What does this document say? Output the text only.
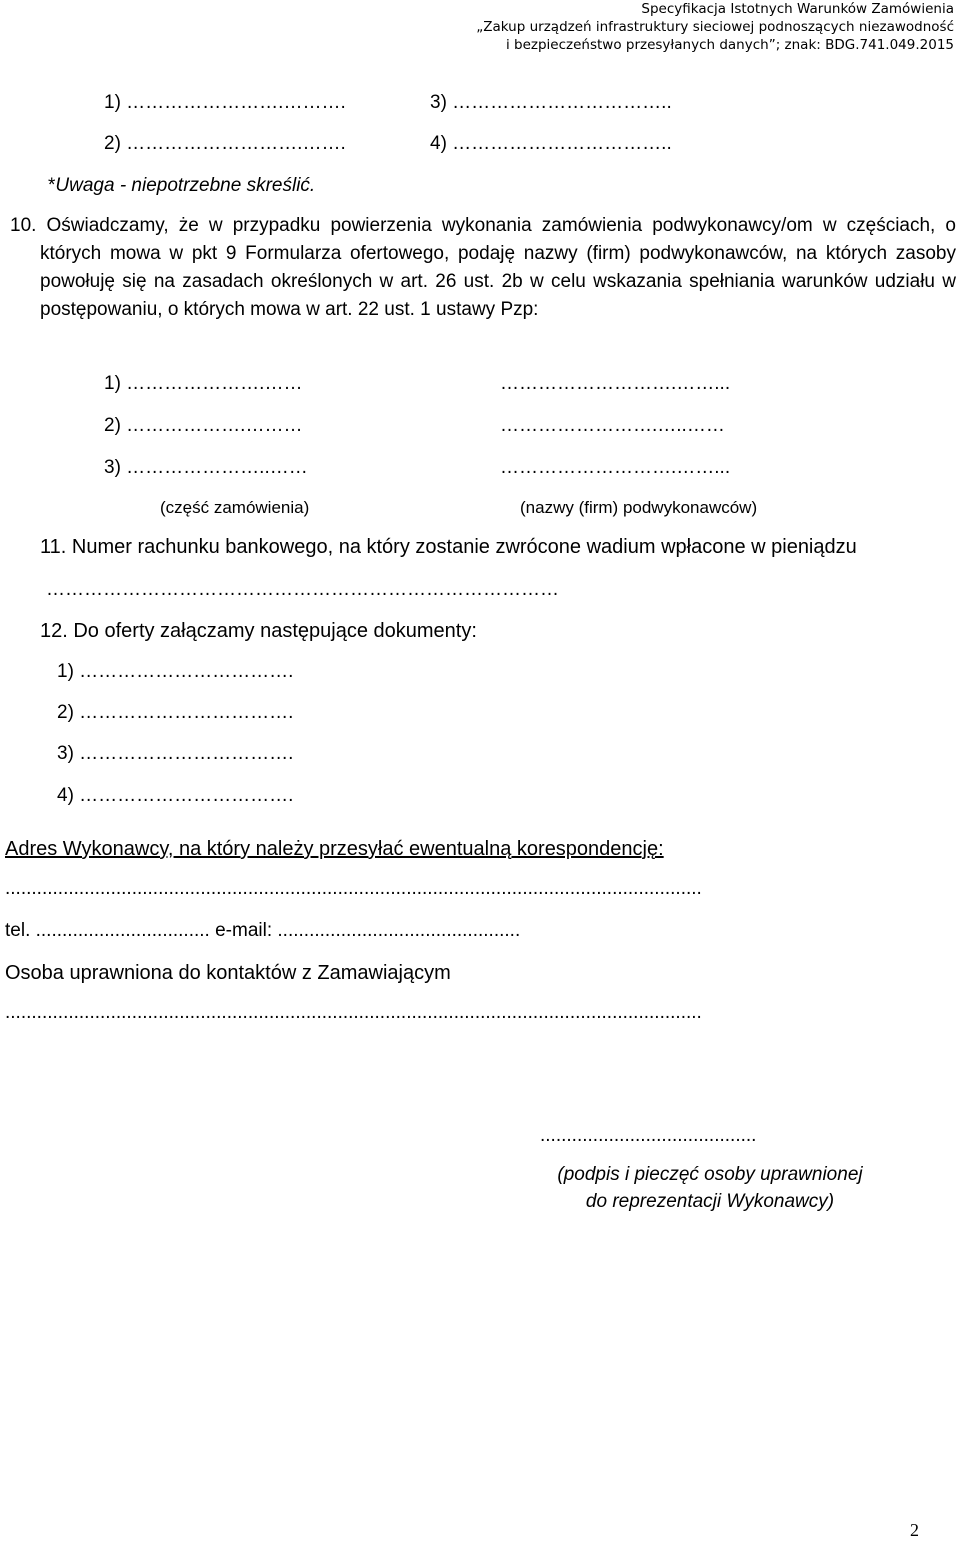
Specyfikacja Istotnych Warunków Zamówienia
„Zakup urządzeń infrastruktury sieciowej podnoszących niezawodność
i bezpieczeństwo przesyłanych danych”; znak: BDG.741.049.2015
1) …………………….……….	3) ……………………………..
2) ……………………….…….	4) ……………………………..
*Uwaga - niepotrzebne skreślić.
10. Oświadczamy, że w przypadku powierzenia wykonania zamówienia podwykonawcy/om w częściach, o których mowa w pkt 9 Formularza ofertowego, podaję nazwy (firm) podwykonawców, na których zasoby powołuję się na zasadach określonych w art. 26 ust. 2b w celu wskazania spełniania warunków udziału w postępowaniu, o których mowa w art. 22 ust. 1 ustawy Pzp:
1) ………………….……	……………………….……...
2) ……………….………	…………………….…..……
3) …………………..……	……………………….……...
(część zamówienia)	(nazwy (firm) podwykonawców)
11. Numer rachunku bankowego, na który zostanie zwrócone wadium wpłacone w pieniądzu
………………………………………………………………………
12. Do oferty załączamy następujące dokumenty:
1) …………………………….
2) …………………………….
3) …………………………….
4) …………………………….
Adres Wykonawcy, na który należy przesyłać ewentualną korespondencję:
....................................................................................................................................
tel. ................................. e-mail: ..............................................
Osoba uprawniona do kontaktów z Zamawiającym
....................................................................................................................................
.........................................
(podpis i pieczęć osoby uprawnionej
do reprezentacji Wykonawcy)
2
